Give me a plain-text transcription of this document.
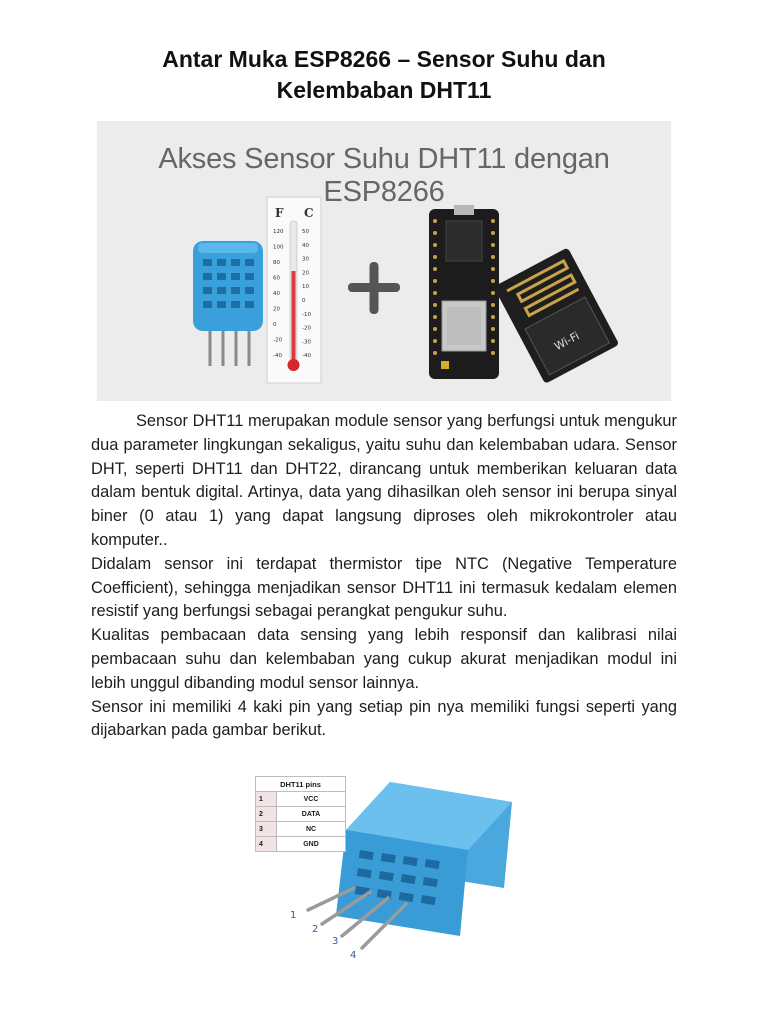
Antar Muka ESP8266 – Sensor Suhu dan
Kelembaban DHT11
Akses Sensor Suhu DHT11 dengan ESP8266
F C
120
100
80
60
40
20
0
-20
-40
50
40
30
20
10
0
-10
-20
-30
-40
Wi-Fi

Sensor DHT11 merupakan module sensor yang berfungsi untuk mengukur dua parameter lingkungan sekaligus, yaitu suhu dan kelembaban udara. Sensor DHT, seperti DHT11 dan DHT22, dirancang untuk memberikan keluaran data dalam bentuk digital. Artinya, data yang dihasilkan oleh sensor ini berupa sinyal biner (0 atau 1) yang dapat langsung diproses oleh mikrokontroler atau komputer..

Didalam sensor ini terdapat thermistor tipe NTC (Negative Temperature Coefficient), sehingga menjadikan sensor DHT11 ini termasuk kedalam elemen resistif yang berfungsi sebagai perangkat pengukur suhu.

Kualitas pembacaan data sensing yang lebih responsif dan kalibrasi nilai pembacaan suhu dan kelembaban yang cukup akurat menjadikan modul ini lebih unggul dibanding modul sensor lainnya.

Sensor ini memiliki 4 kaki pin yang setiap pin nya memiliki fungsi seperti yang dijabarkan pada gambar berikut.

1
2
3
4
DHT11 pins	
1	VCC
2	DATA
3	NC
4	GND
